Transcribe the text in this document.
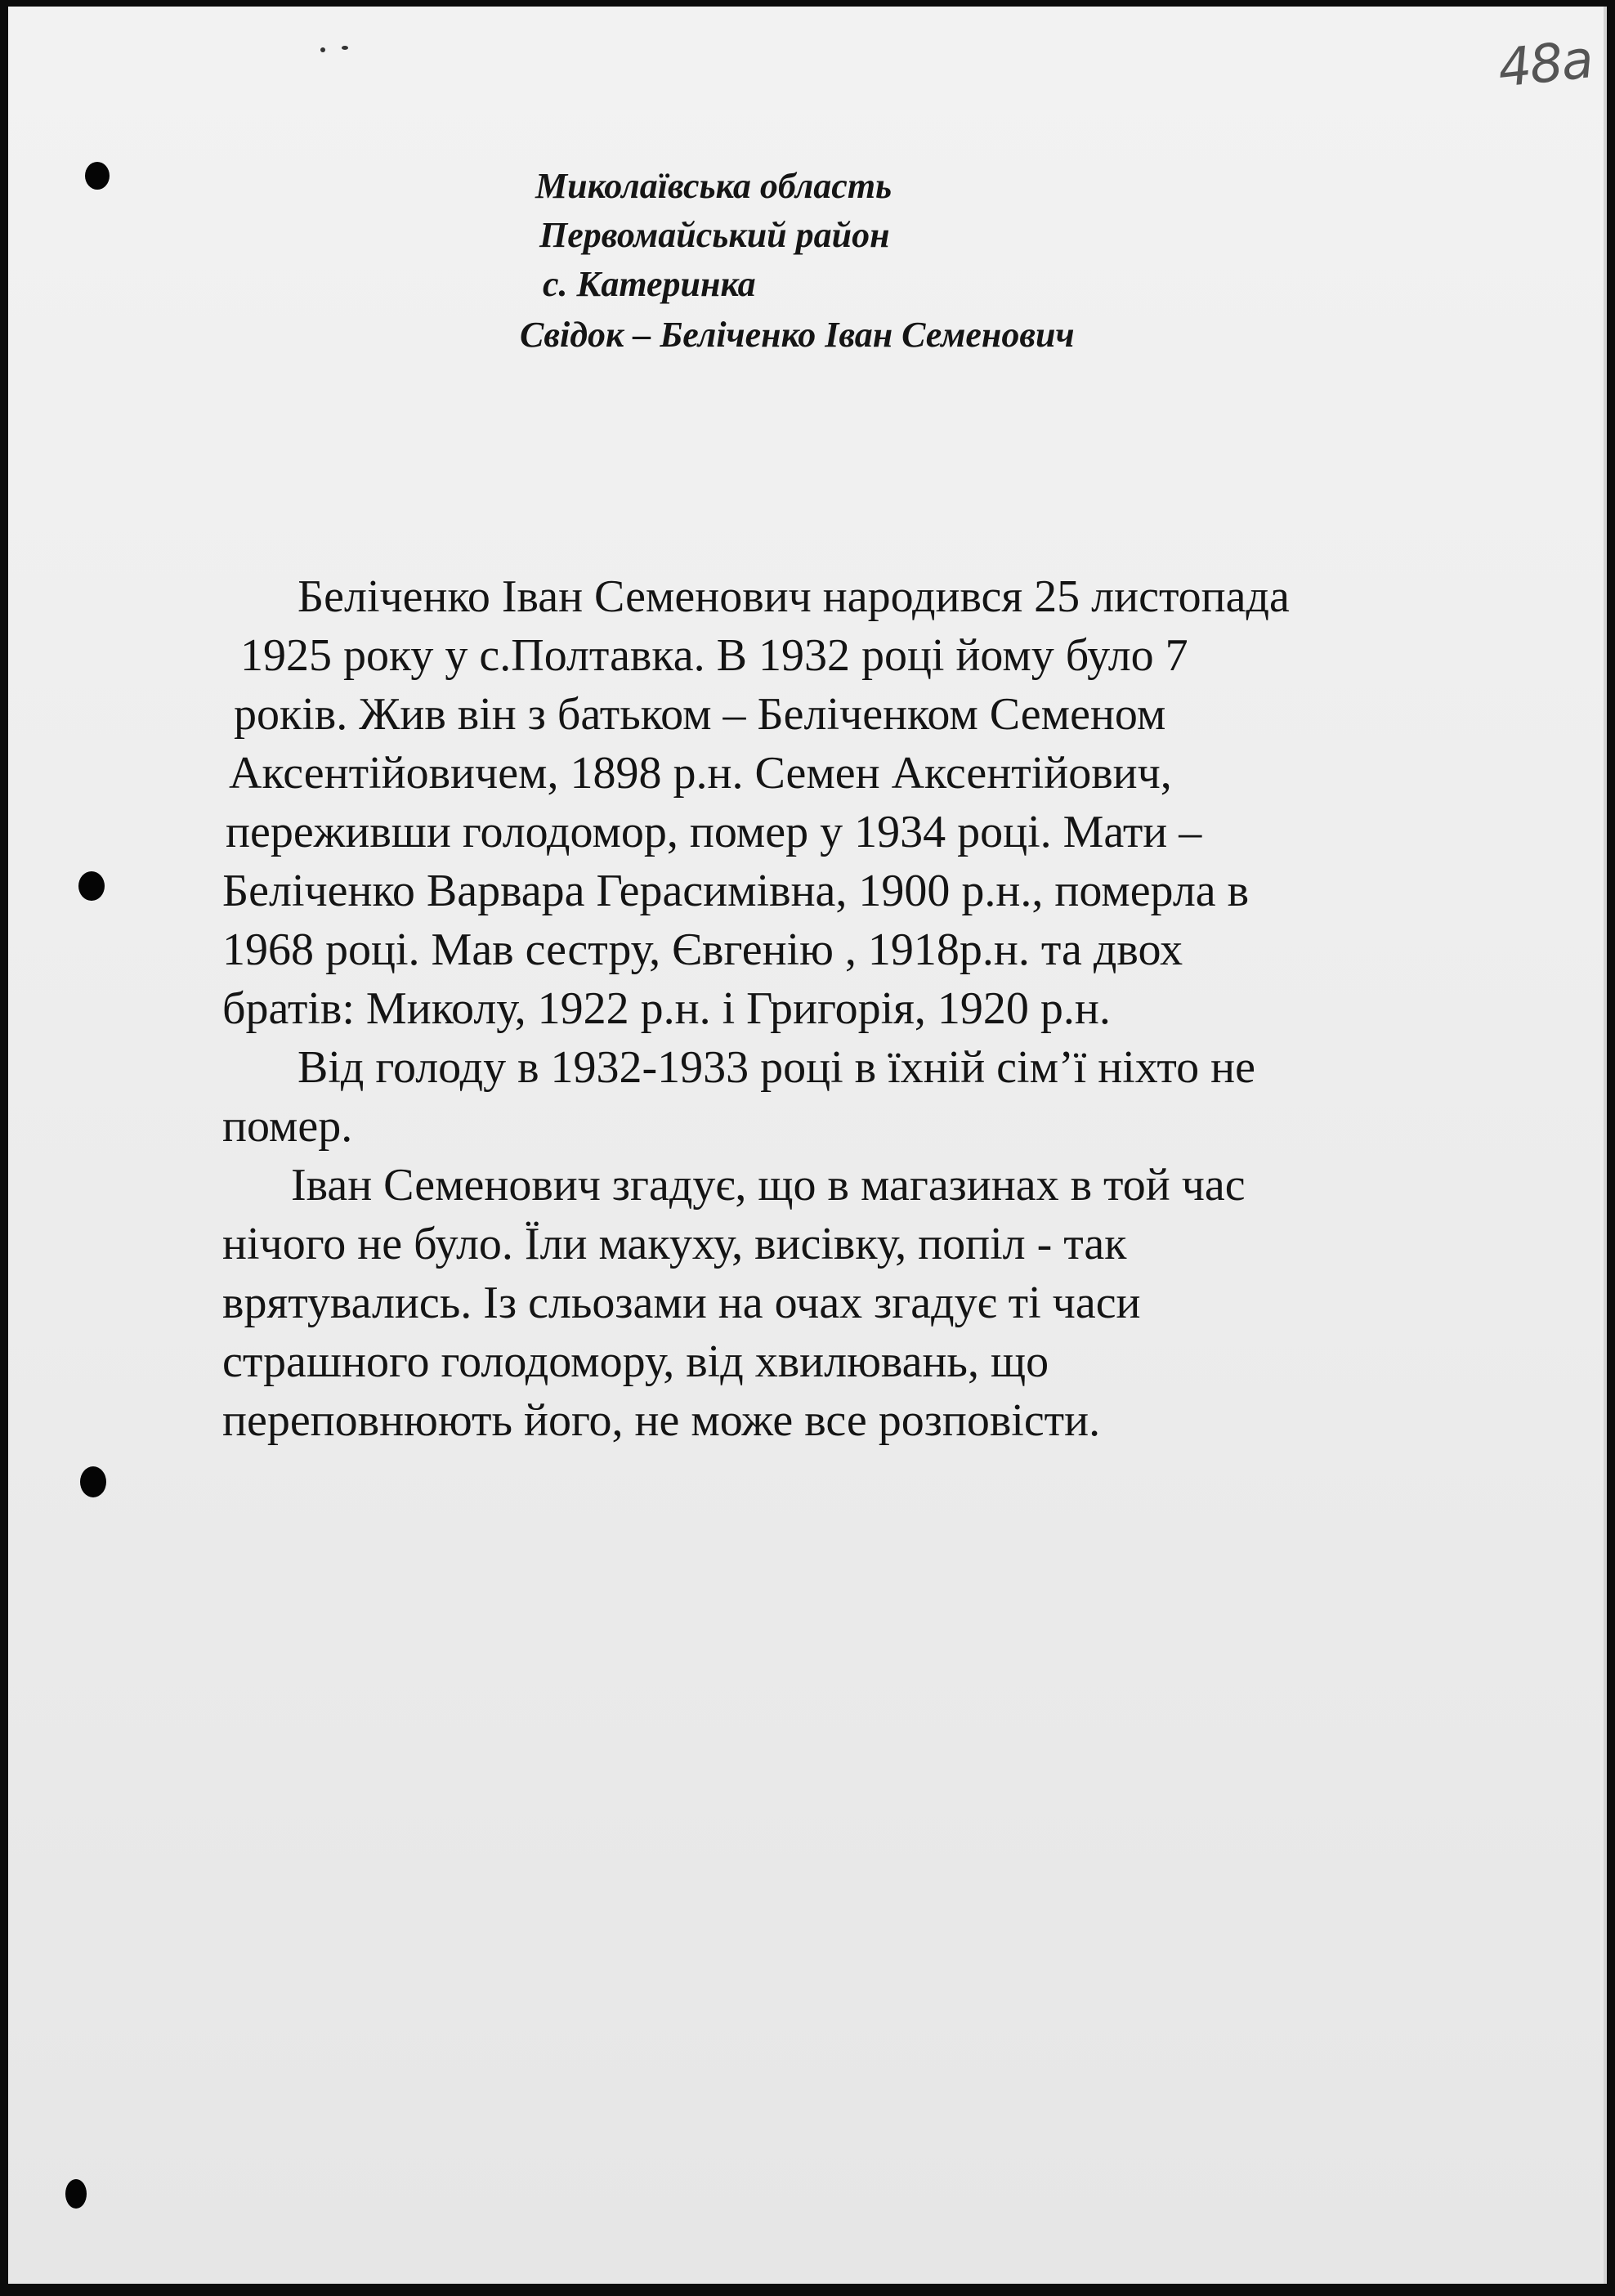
48а
Миколаївська область
Первомайський район
с. Катеринка
Свідок – Беліченко Іван Семенович
Беліченко Іван Семенович народився 25 листопада
1925 року у с.Полтавка. В 1932 році йому було 7
років. Жив він з батьком – Беліченком Семеном
Аксентійовичем, 1898 р.н. Семен Аксентійович,
переживши голодомор, помер у 1934 році. Мати –
Беліченко Варвара Герасимівна, 1900 р.н., померла в
1968 році. Мав сестру, Євгенію , 1918р.н. та двох
братів: Миколу, 1922 р.н. і Григорія, 1920 р.н.
Від голоду в 1932-1933 році в їхній сім’ї ніхто не
помер.
Іван Семенович згадує, що в магазинах в той час
нічого не було. Їли макуху, висівку, попіл - так
врятувались. Із сльозами на очах згадує ті часи
страшного голодомору, від хвилювань, що
переповнюють його, не може все розповісти.
